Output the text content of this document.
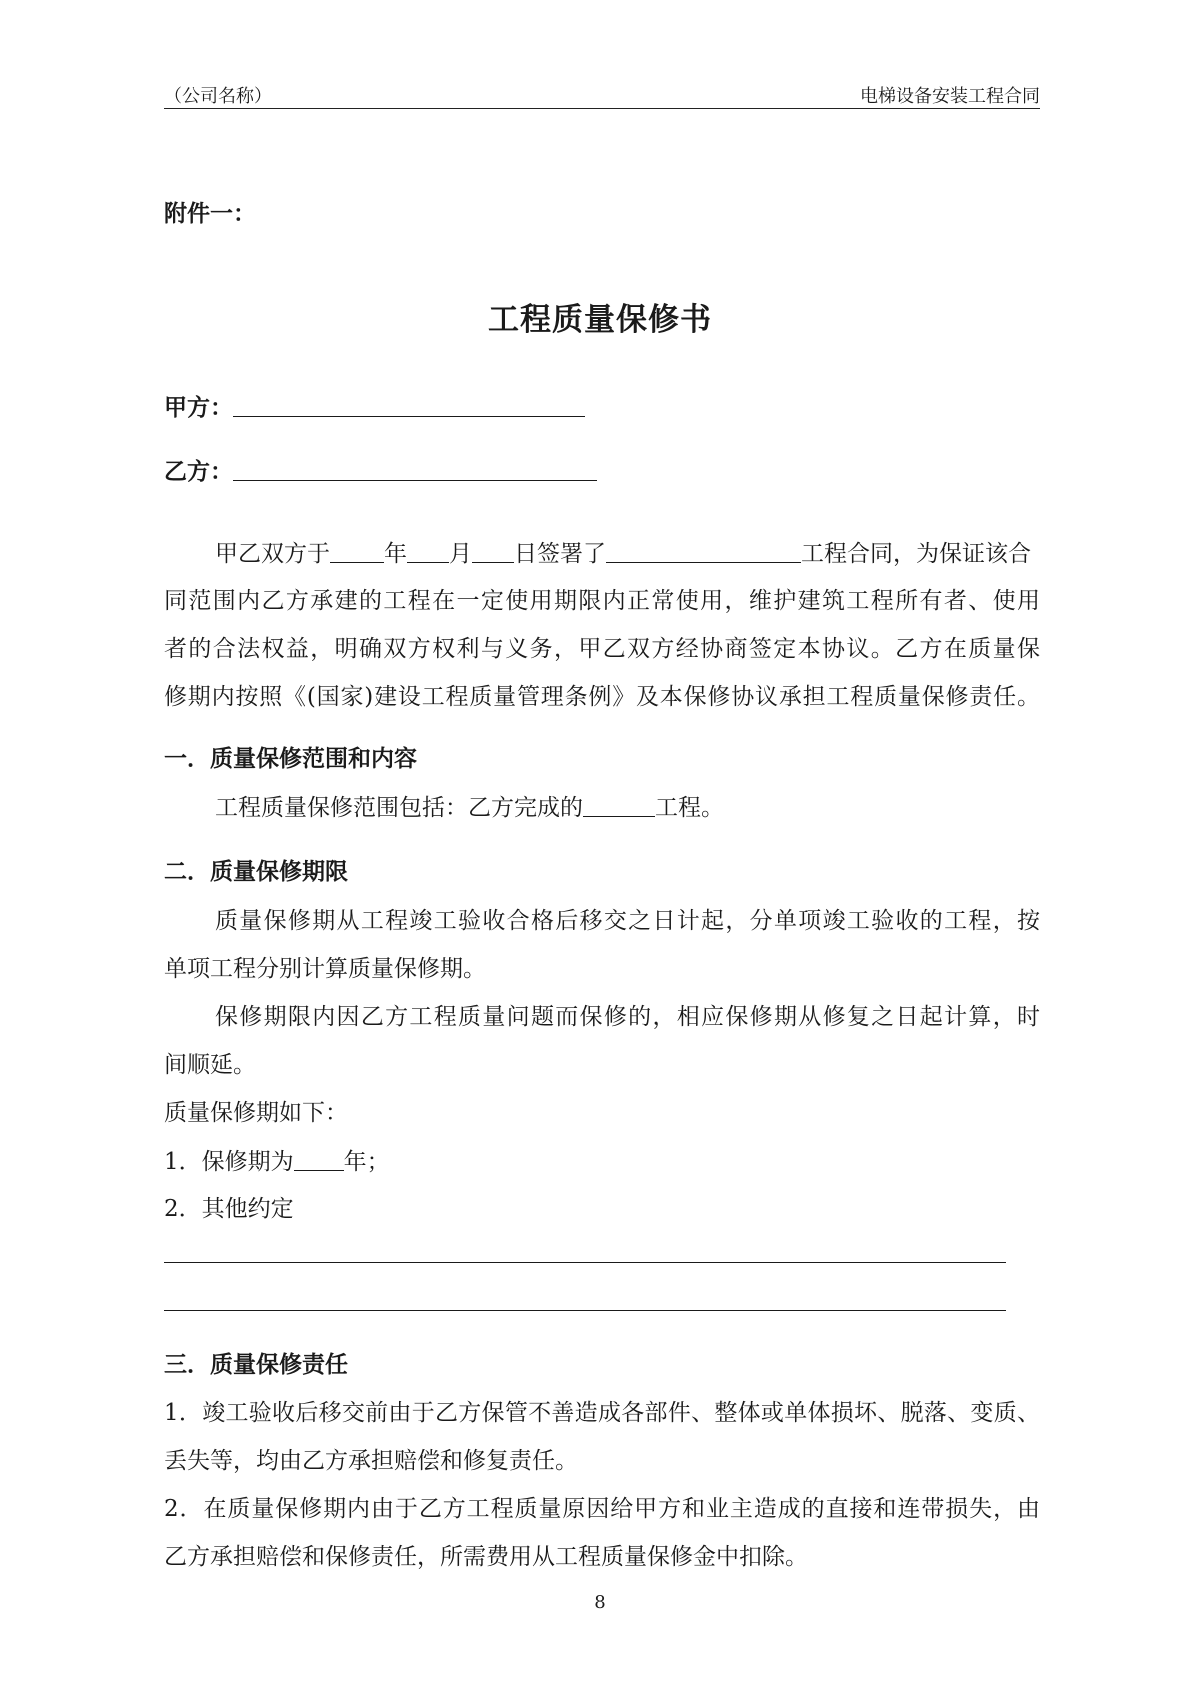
（公司名称）	电梯设备安装工程合同
附件一：
工程质量保修书
甲方：
乙方：
甲乙双方于 年 月 日签署了	工程合同，为保证该合
同范围内乙方承建的工程在一定使用期限内正常使用，维护建筑工程所有者、使用
者的合法权益，明确双方权利与义务，甲乙双方经协商签定本协议。乙方在质量保
修期内按照《(国家)建设工程质量管理条例》及本保修协议承担工程质量保修责任。
一．质量保修范围和内容
工程质量保修范围包括：乙方完成的	工程。
二．质量保修期限
质量保修期从工程竣工验收合格后移交之日计起，分单项竣工验收的工程，按
单项工程分别计算质量保修期。
保修期限内因乙方工程质量问题而保修的，相应保修期从修复之日起计算，时
间顺延。
质量保修期如下：
1．保修期为 年；
2．其他约定
三．质量保修责任
1．竣工验收后移交前由于乙方保管不善造成各部件、整体或单体损坏、脱落、变质、
丢失等，均由乙方承担赔偿和修复责任。
2．在质量保修期内由于乙方工程质量原因给甲方和业主造成的直接和连带损失，由
乙方承担赔偿和保修责任，所需费用从工程质量保修金中扣除。
8
